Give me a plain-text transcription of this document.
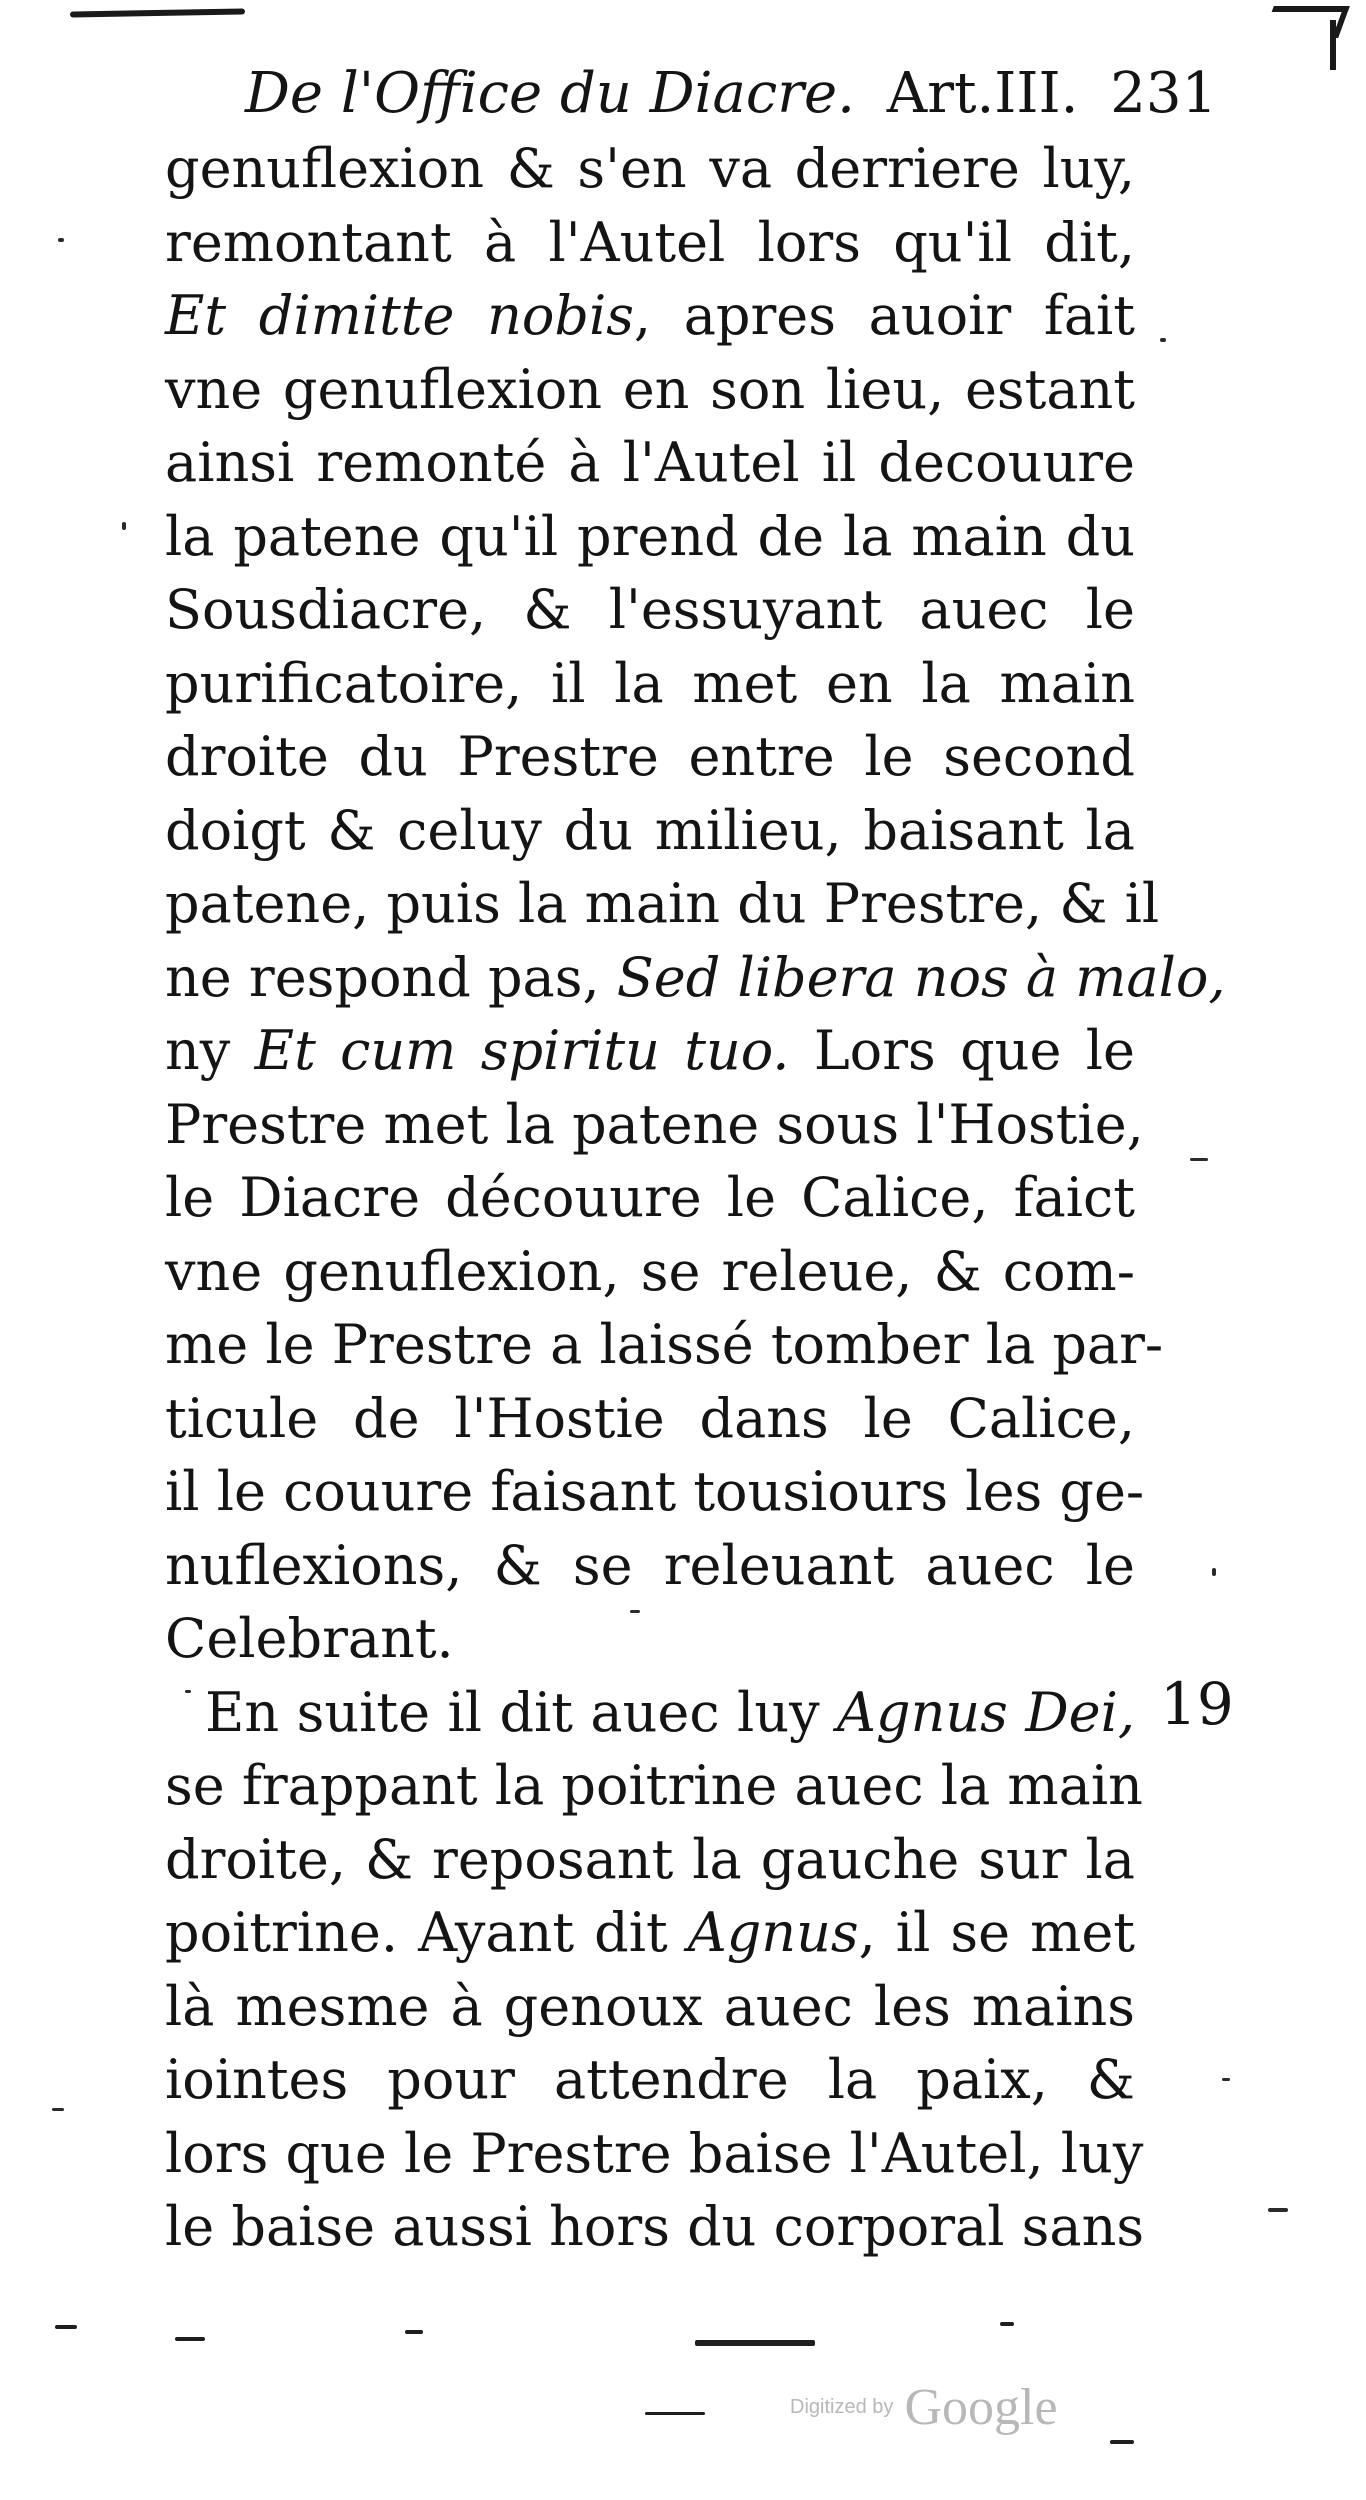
De l'Office du Diacre. Art.III. 231
genuflexion & s'en va derriere luy,
remontant à l'Autel lors qu'il dit,
Et dimitte nobis, apres auoir fait
vne genuflexion en son lieu, estant
ainsi remonté à l'Autel il decouure
la patene qu'il prend de la main du
Sousdiacre, & l'essuyant auec le
purificatoire, il la met en la main
droite du Prestre entre le second
doigt & celuy du milieu, baisant la
patene, puis la main du Prestre, & il
ne respond pas, Sed libera nos à malo,
ny Et cum spiritu tuo. Lors que le
Prestre met la patene sous l'Hostie,
le Diacre découure le Calice, faict
vne genuflexion, se releue, & com-
me le Prestre a laissé tomber la par-
ticule de l'Hostie dans le Calice,
il le couure faisant tousiours les ge-
nuflexions, & se releuant auec le
Celebrant.
En suite il dit auec luy Agnus Dei,
se frappant la poitrine auec la main
droite, & reposant la gauche sur la
poitrine. Ayant dit Agnus, il se met
là mesme à genoux auec les mains
iointes pour attendre la paix, &
lors que le Prestre baise l'Autel, luy
le baise aussi hors du corporal sans
19
Digitized by Google
